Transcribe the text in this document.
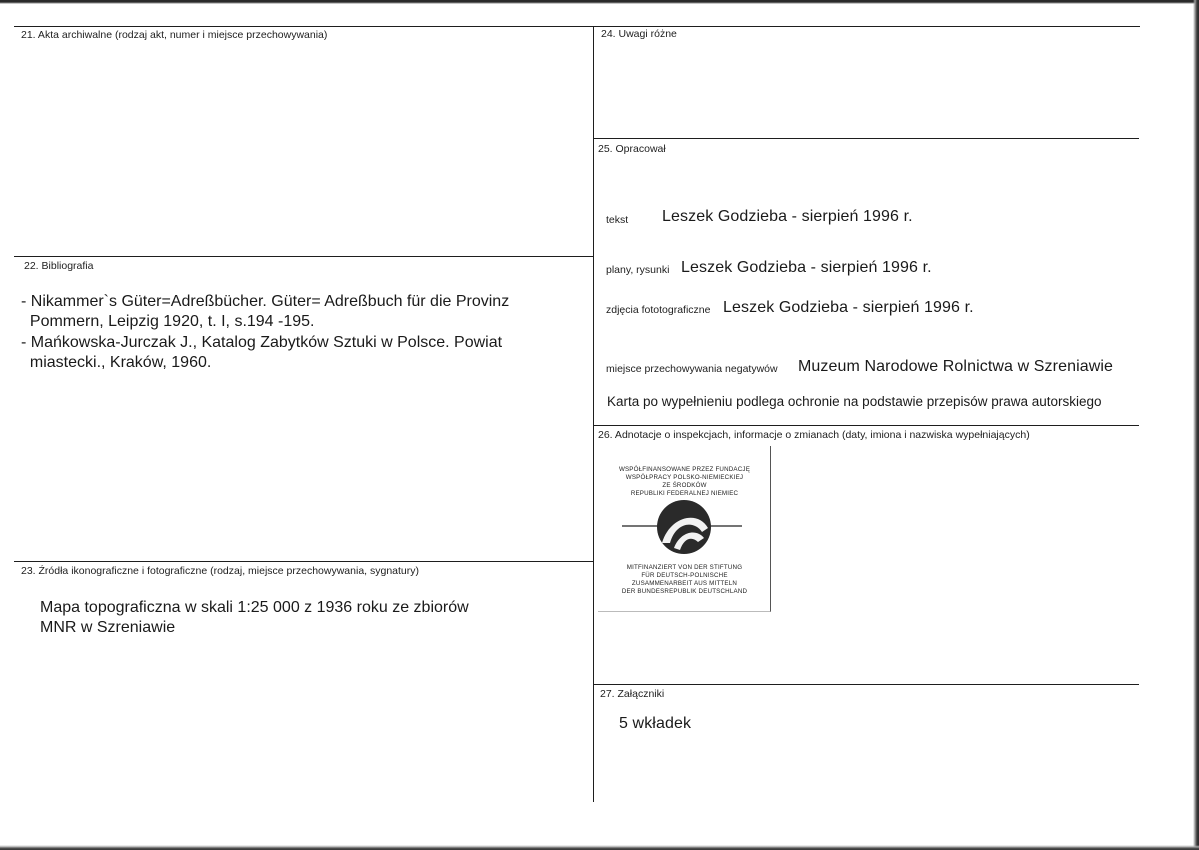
21. Akta archiwalne (rodzaj akt, numer i miejsce przechowywania)
22. Bibliografia
- Nikammer`s Güter=Adreßbücher. Güter= Adreßbuch für die Provinz
Pommern, Leipzig 1920, t. I, s.194 -195.
- Mańkowska-Jurczak J., Katalog Zabytków Sztuki w Polsce. Powiat
miastecki., Kraków, 1960.
23. Źródła ikonograficzne i fotograficzne (rodzaj, miejsce przechowywania, sygnatury)
Mapa topograficzna w skali 1:25 000 z 1936 roku ze zbiorów
MNR w Szreniawie
24. Uwagi różne
25. Opracował
tekst Leszek Godzieba - sierpień 1996 r.
plany, rysunki Leszek Godzieba - sierpień 1996 r.
zdjęcia fototograficzne Leszek Godzieba - sierpień 1996 r.
miejsce przechowywania negatywów Muzeum Narodowe Rolnictwa w Szreniawie
Karta po wypełnieniu podlega ochronie na podstawie przepisów prawa autorskiego
26. Adnotacje o inspekcjach, informacje o zmianach (daty, imiona i nazwiska wypełniających)
WSPÓŁFINANSOWANE PRZEZ FUNDACJĘ
WSPÓŁPRACY POLSKO-NIEMIECKIEJ
ZE ŚRODKÓW
REPUBLIKI FEDERALNEJ NIEMIEC
MITFINANZIERT VON DER STIFTUNG
FÜR DEUTSCH-POLNISCHE
ZUSAMMENARBEIT AUS MITTELN
DER BUNDESREPUBLIK DEUTSCHLAND
27. Załączniki
5 wkładek
